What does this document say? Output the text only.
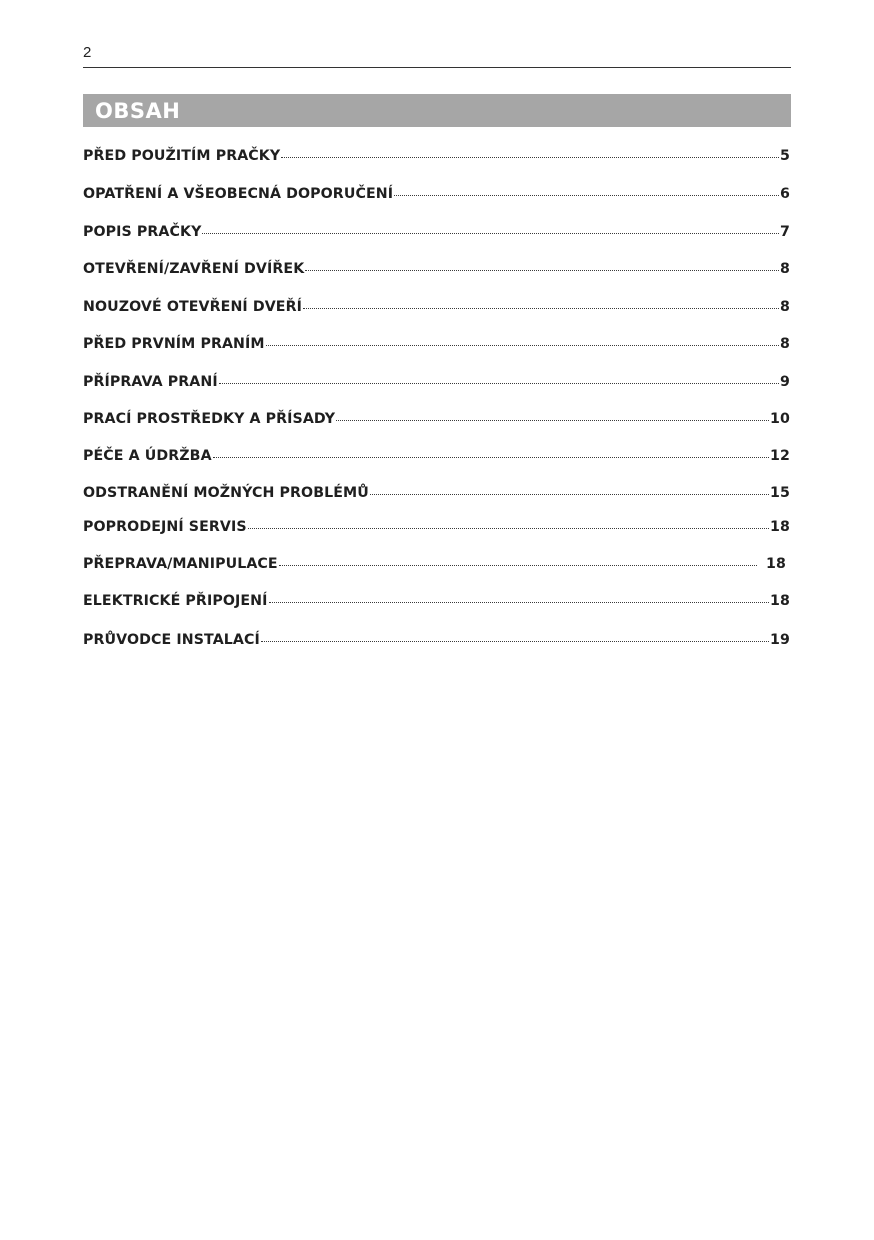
2
OBSAH
PŘED POUŽITÍM PRAČKY	5
OPATŘENÍ A VŠEOBECNÁ DOPORUČENÍ	6
POPIS PRAČKY	7
OTEVŘENÍ/ZAVŘENÍ DVÍŘEK	8
NOUZOVÉ OTEVŘENÍ DVEŘÍ	8
PŘED PRVNÍM PRANÍM	8
PŘÍPRAVA PRANÍ	9
PRACÍ PROSTŘEDKY A PŘÍSADY	10
PÉČE A ÚDRŽBA	12
ODSTRANĚNÍ MOŽNÝCH PROBLÉMŮ	15
POPRODEJNÍ SERVIS	18
PŘEPRAVA/MANIPULACE	18
ELEKTRICKÉ PŘIPOJENÍ	18
PRŮVODCE INSTALACÍ	19
